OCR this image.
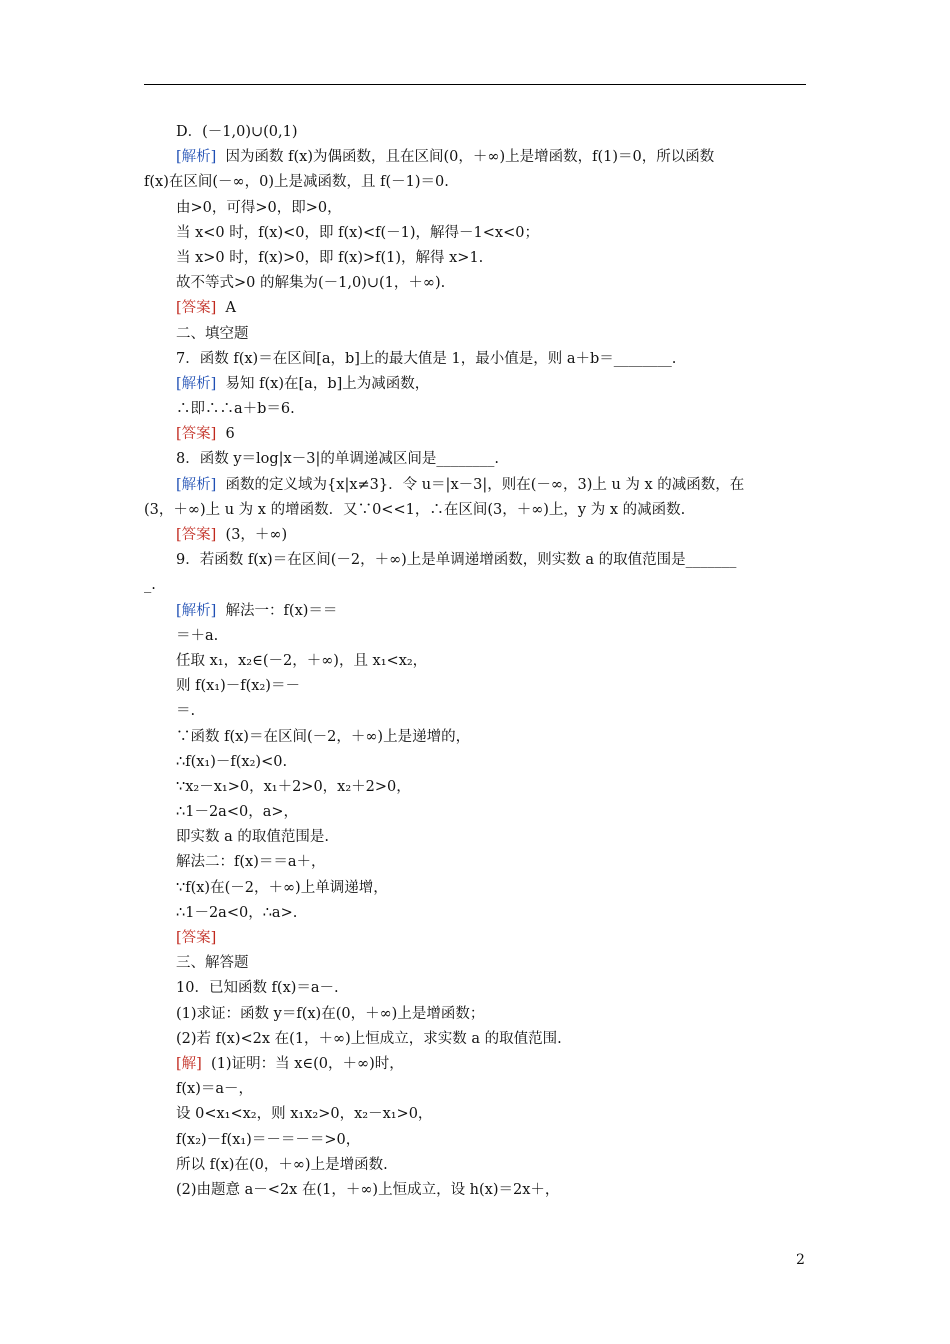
D．(－1,0)∪(0,1)
[解析]  因为函数 f(x)为偶函数，且在区间(0，＋∞)上是增函数，f(1)＝0，所以函数
f(x)在区间(－∞，0)上是减函数，且 f(－1)＝0.
由>0，可得>0，即>0，
当 x<0 时，f(x)<0，即 f(x)<f(－1)，解得－1<x<0；
当 x>0 时，f(x)>0，即 f(x)>f(1)，解得 x>1.
故不等式>0 的解集为(－1,0)∪(1，＋∞).
[答案]  A
二、填空题
7．函数 f(x)＝在区间[a，b]上的最大值是 1，最小值是，则 a＋b＝________.
[解析]  易知 f(x)在[a，b]上为减函数，
∴即∴∴a＋b＝6.
[答案]  6
8．函数 y＝log|x－3|的单调递减区间是________.
[解析]  函数的定义域为{x|x≠3}．令 u＝|x－3|，则在(－∞，3)上 u 为 x 的减函数，在
(3，＋∞)上 u 为 x 的增函数．又∵0<<1，∴在区间(3，＋∞)上，y 为 x 的减函数.
[答案]  (3，＋∞)
9．若函数 f(x)＝在区间(－2，＋∞)上是单调递增函数，则实数 a 的取值范围是_______
_.
[解析]  解法一：f(x)＝＝
＝＋a.
任取 x₁，x₂∈(－2，＋∞)，且 x₁<x₂，
则 f(x₁)－f(x₂)＝－
＝.
∵函数 f(x)＝在区间(－2，＋∞)上是递增的，
∴f(x₁)－f(x₂)<0.
∵x₂－x₁>0，x₁＋2>0，x₂＋2>0，
∴1－2a<0，a>，
即实数 a 的取值范围是.
解法二：f(x)＝＝a＋，
∵f(x)在(－2，＋∞)上单调递增，
∴1－2a<0，∴a>.
[答案]
三、解答题
10．已知函数 f(x)＝a－.
(1)求证：函数 y＝f(x)在(0，＋∞)上是增函数；
(2)若 f(x)<2x 在(1，＋∞)上恒成立，求实数 a 的取值范围.
[解]  (1)证明：当 x∈(0，＋∞)时，
f(x)＝a－，
设 0<x₁<x₂，则 x₁x₂>0，x₂－x₁>0，
f(x₂)－f(x₁)＝－＝－＝>0，
所以 f(x)在(0，＋∞)上是增函数.
(2)由题意 a－<2x 在(1，＋∞)上恒成立，设 h(x)＝2x＋，
2
